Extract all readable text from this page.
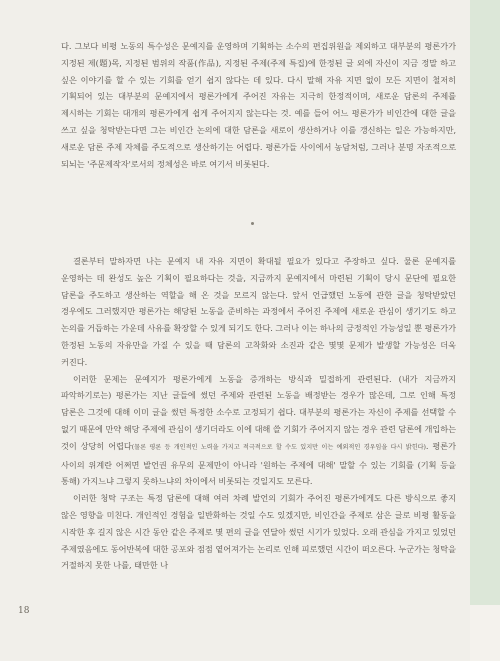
다. 그보다 비평 노동의 특수성은 문예지를 운영하며 기획하는 소수의 편집위원을 제외하고 대부분의 평론가가 지정된 제(題)목, 지정된 범위의 작품(作品), 지정된 주제(주제 특집)에 한정된 글 외에 자신이 지금 정말 하고 싶은 이야기를 할 수 있는 기회를 얻기 쉽지 않다는 데 있다. 다시 말해 자유 지면 없이 모든 지면이 철저히 기획되어 있는 대부분의 문예지에서 평론가에게 주어진 자유는 지극히 한정적이며, 새로운 담론의 주제를 제시하는 기회는 대개의 평론가에게 쉽게 주어지지 않는다는 것. 예를 들어 어느 평론가가 비인간에 대한 글을 쓰고 싶을 청탁받는다면 그는 비인간 논의에 대한 담론을 새로이 생산하거나 이를 갱신하는 일은 가능하지만, 새로운 담론 주제 자체를 주도적으로 생산하기는 어렵다. 평론가들 사이에서 농담처럼, 그러나 분명 자조적으로 되뇌는 '주문제작자'로서의 정체성은 바로 여기서 비롯된다.

결론부터 말하자면 나는 문예지 내 자유 지면이 확대될 필요가 있다고 주장하고 싶다. 물론 문예지를 운영하는 데 완성도 높은 기획이 필요하다는 것을, 지금까지 문예지에서 마련된 기획이 당시 문단에 필요한 담론을 주도하고 생산하는 역할을 해 온 것을 모르지 않는다. 앞서 언급했던 노동에 관한 글을 청탁받았던 경우에도 그러했지만 평론가는 해당된 노동을 준비하는 과정에서 주어진 주제에 새로운 관심이 생기기도 하고 논의를 거듭하는 가운데 사유를 확장할 수 있게 되기도 한다. 그러나 이는 하나의 긍정적인 가능성일 뿐 평론가가 한정된 노동의 자유만을 가질 수 있을 때 담론의 고착화와 소진과 같은 몇몇 문제가 발생할 가능성은 더욱 커진다.

이러한 문제는 문예지가 평론가에게 노동을 증개하는 방식과 밀접하게 관련된다. (내가 지금까지 파악하기로는) 평론가는 지난 글들에 썼던 주제와 관련된 노동을 배정받는 경우가 많은데, 그로 인해 특정 담론은 그것에 대해 이미 글을 썼던 특정한 소수로 고정되기 쉽다. 대부분의 평론가는 자신이 주제를 선택할 수 없기 때문에 만약 해당 주제에 관심이 생기더라도 이에 대해 쓸 기회가 주어지지 않는 경우 관련 담론에 개입하는 것이 상당히 어렵다(물론 평론 등 개인적인 노력을 가지고 적극적으로 할 수도 있지만 이는 예외적인 경우임을 다시 밝힌다). 평론가 사이의 위계란 어쩌면 발언권 유무의 문제만이 아니라 '원하는 주제에 대해' 말할 수 있는 기회를 (기획 등을 통해) 가지느냐 그렇지 못하느냐의 차이에서 비롯되는 것일지도 모른다.

이러한 청탁 구조는 특정 담론에 대해 여러 차례 발언의 기회가 주어진 평론가에게도 다른 방식으로 좋지 않은 영향을 미친다. 개인적인 경험을 일반화하는 것일 수도 있겠지만, 비인간을 주제로 삼은 글로 비평 활동을 시작한 후 길지 않은 시간 동안 같은 주제로 몇 편의 글을 연달아 썼던 시기가 있었다. 오래 관심을 가지고 있었던 주제였음에도 동어반복에 대한 공포와 점점 옅어져가는 논리로 인해 피로했던 시간이 떠오른다. 누군가는 청탁을 거절하지 못한 나를, 태만한 나

18
